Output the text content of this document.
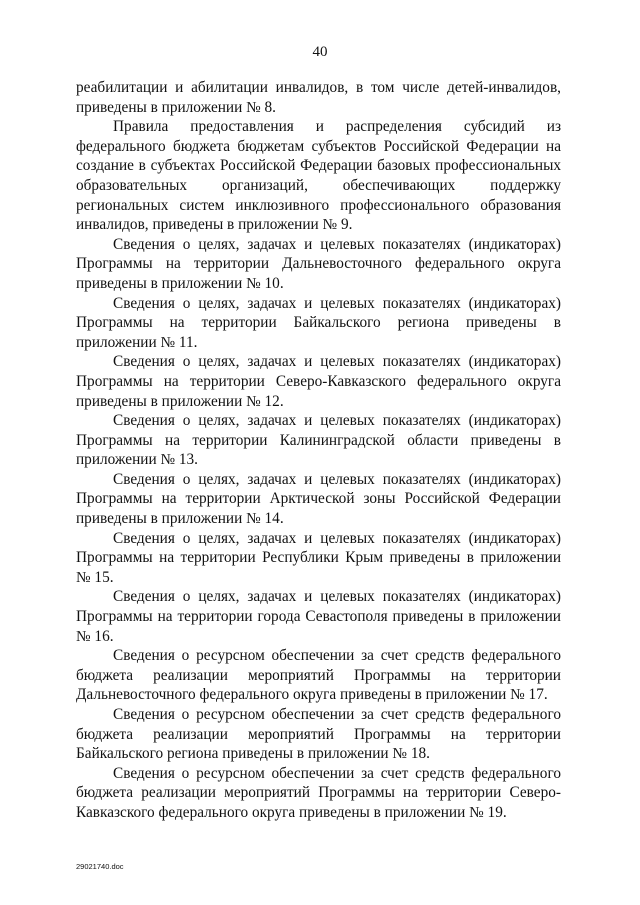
40

реабилитации и абилитации инвалидов, в том числе детей-инвалидов, приведены в приложении № 8.

Правила предоставления и распределения субсидий из федерального бюджета бюджетам субъектов Российской Федерации на создание в субъектах Российской Федерации базовых профессиональных образовательных организаций, обеспечивающих поддержку региональных систем инклюзивного профессионального образования инвалидов, приведены в приложении № 9.

Сведения о целях, задачах и целевых показателях (индикаторах) Программы на территории Дальневосточного федерального округа приведены в приложении № 10.

Сведения о целях, задачах и целевых показателях (индикаторах) Программы на территории Байкальского региона приведены в приложении № 11.

Сведения о целях, задачах и целевых показателях (индикаторах) Программы на территории Северо-Кавказского федерального округа приведены в приложении № 12.

Сведения о целях, задачах и целевых показателях (индикаторах) Программы на территории Калининградской области приведены в приложении № 13.

Сведения о целях, задачах и целевых показателях (индикаторах) Программы на территории Арктической зоны Российской Федерации приведены в приложении № 14.

Сведения о целях, задачах и целевых показателях (индикаторах) Программы на территории Республики Крым приведены в приложении № 15.

Сведения о целях, задачах и целевых показателях (индикаторах) Программы на территории города Севастополя приведены в приложении № 16.

Сведения о ресурсном обеспечении за счет средств федерального бюджета реализации мероприятий Программы на территории Дальневосточного федерального округа приведены в приложении № 17.

Сведения о ресурсном обеспечении за счет средств федерального бюджета реализации мероприятий Программы на территории Байкальского региона приведены в приложении № 18.

Сведения о ресурсном обеспечении за счет средств федерального бюджета реализации мероприятий Программы на территории Северо-Кавказского федерального округа приведены в приложении № 19.

29021740.doc
